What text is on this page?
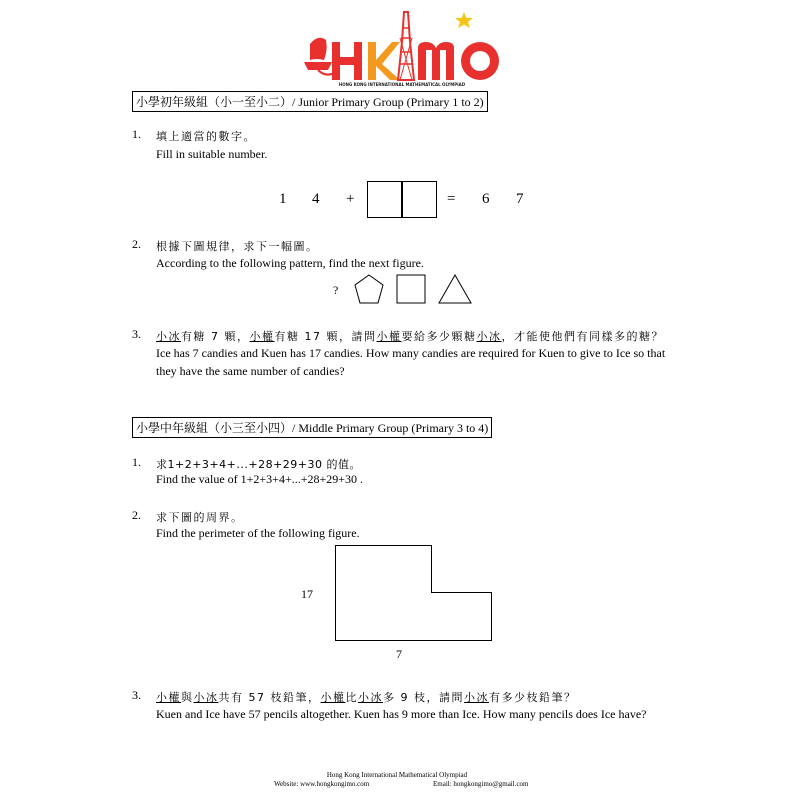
HONG KONG INTERNATIONAL MATHEMATICAL OLYMPIAD
小學初年級組（小一至小二）/ Junior Primary Group (Primary 1 to 2)
1. 填上適當的數字。
Fill in suitable number.
1 4 +	= 6 7
2. 根據下圖規律，求下一幅圖。
According to the following pattern, find the next figure.
?
3. 小冰有糖 7 顆，小權有糖 17 顆，請問小權要給多少顆糖小冰，才能使他們有同樣多的糖？
Ice has 7 candies and Kuen has 17 candies. How many candies are required for Kuen to give to Ice so that
they have the same number of candies?
小學中年級組（小三至小四）/ Middle Primary Group (Primary 3 to 4)
1. 求1+2+3+4+...+28+29+30 的值。
Find the value of 1+2+3+4+...+28+29+30 .
2. 求下圖的周界。
Find the perimeter of the following figure.
17
7
3. 小權與小冰共有 57 枝鉛筆，小權比小冰多 9 枝，請問小冰有多少枝鉛筆？
Kuen and Ice have 57 pencils altogether. Kuen has 9 more than Ice. How many pencils does Ice have?
Hong Kong International Mathematical Olympiad
Website: www.hongkongimo.com	Email: hongkongimo@gmail.com
